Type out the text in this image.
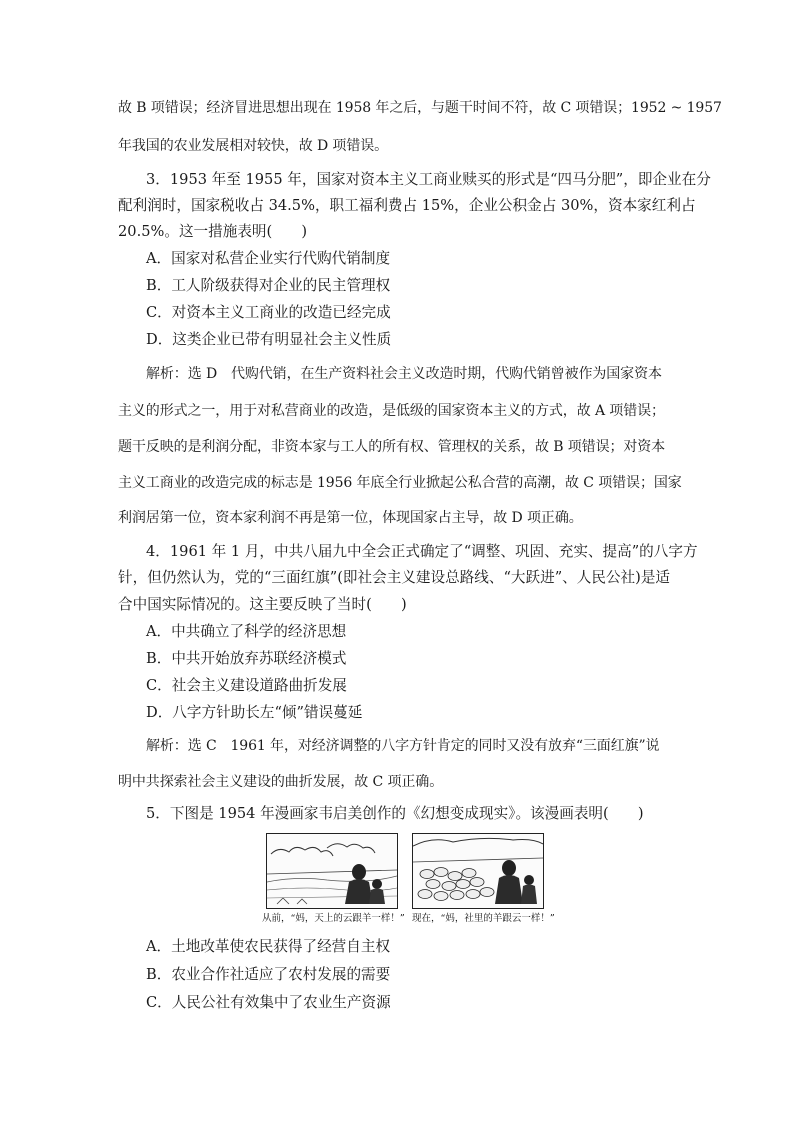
故 B 项错误；经济冒进思想出现在 1958 年之后，与题干时间不符，故 C 项错误；1952 ~ 1957
年我国的农业发展相对较快，故 D 项错误。
3．1953 年至 1955 年，国家对资本主义工商业赎买的形式是“四马分肥”，即企业在分
配利润时，国家税收占 34.5%，职工福利费占 15%，企业公积金占 30%，资本家红利占
20.5%。这一措施表明(　　)
A．国家对私营企业实行代购代销制度
B．工人阶级获得对企业的民主管理权
C．对资本主义工商业的改造已经完成
D．这类企业已带有明显社会主义性质
解析：选 D　代购代销，在生产资料社会主义改造时期，代购代销曾被作为国家资本
主义的形式之一，用于对私营商业的改造，是低级的国家资本主义的方式，故 A 项错误；
题干反映的是利润分配，非资本家与工人的所有权、管理权的关系，故 B 项错误；对资本
主义工商业的改造完成的标志是 1956 年底全行业掀起公私合营的高潮，故 C 项错误；国家
利润居第一位，资本家利润不再是第一位，体现国家占主导，故 D 项正确。
4．1961 年 1 月，中共八届九中全会正式确定了“调整、巩固、充实、提高”的八字方
针，但仍然认为，党的“三面红旗”(即社会主义建设总路线、“大跃进”、人民公社)是适
合中国实际情况的。这主要反映了当时(　　)
A．中共确立了科学的经济思想
B．中共开始放弃苏联经济模式
C．社会主义建设道路曲折发展
D．八字方针助长左“倾”错误蔓延
解析：选 C　1961 年，对经济调整的八字方针肯定的同时又没有放弃“三面红旗”说
明中共探索社会主义建设的曲折发展，故 C 项正确。
5．下图是 1954 年漫画家韦启美创作的《幻想变成现实》。该漫画表明(　　)
从前，“妈，天上的云跟羊一样！” 现在，“妈，社里的羊跟云一样！”
A．土地改革使农民获得了经营自主权
B．农业合作社适应了农村发展的需要
C．人民公社有效集中了农业生产资源
